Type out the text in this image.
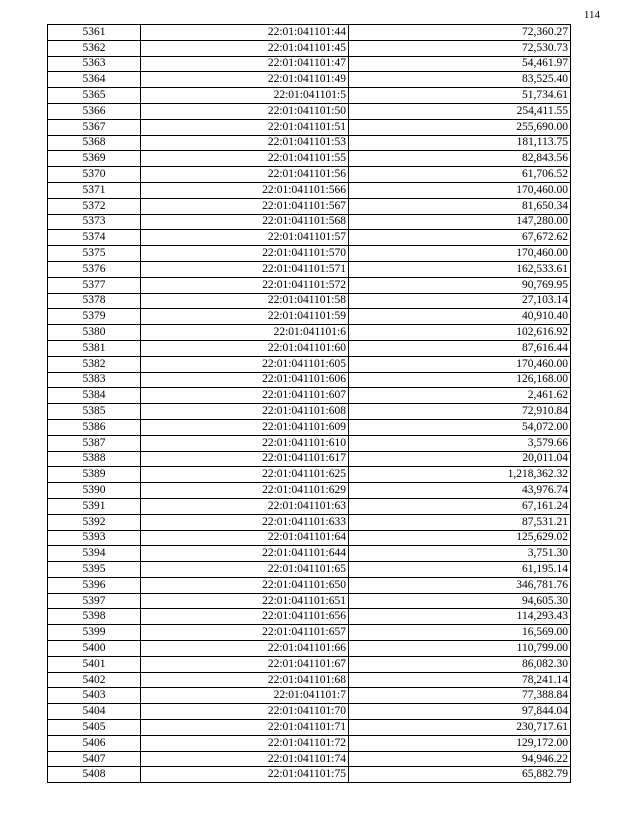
114
5361	22:01:041101:44	72,360.27
5362	22:01:041101:45	72,530.73
5363	22:01:041101:47	54,461.97
5364	22:01:041101:49	83,525.40
5365	22:01:041101:5	51,734.61
5366	22:01:041101:50	254,411.55
5367	22:01:041101:51	255,690.00
5368	22:01:041101:53	181,113.75
5369	22:01:041101:55	82,843.56
5370	22:01:041101:56	61,706.52
5371	22:01:041101:566	170,460.00
5372	22:01:041101:567	81,650.34
5373	22:01:041101:568	147,280.00
5374	22:01:041101:57	67,672.62
5375	22:01:041101:570	170,460.00
5376	22:01:041101:571	162,533.61
5377	22:01:041101:572	90,769.95
5378	22:01:041101:58	27,103.14
5379	22:01:041101:59	40,910.40
5380	22:01:041101:6	102,616.92
5381	22:01:041101:60	87,616.44
5382	22:01:041101:605	170,460.00
5383	22:01:041101:606	126,168.00
5384	22:01:041101:607	2,461.62
5385	22:01:041101:608	72,910.84
5386	22:01:041101:609	54,072.00
5387	22:01:041101:610	3,579.66
5388	22:01:041101:617	20,011.04
5389	22:01:041101:625	1,218,362.32
5390	22:01:041101:629	43,976.74
5391	22:01:041101:63	67,161.24
5392	22:01:041101:633	87,531.21
5393	22:01:041101:64	125,629.02
5394	22:01:041101:644	3,751.30
5395	22:01:041101:65	61,195.14
5396	22:01:041101:650	346,781.76
5397	22:01:041101:651	94,605.30
5398	22:01:041101:656	114,293.43
5399	22:01:041101:657	16,569.00
5400	22:01:041101:66	110,799.00
5401	22:01:041101:67	86,082.30
5402	22:01:041101:68	78,241.14
5403	22:01:041101:7	77,388.84
5404	22:01:041101:70	97,844.04
5405	22:01:041101:71	230,717.61
5406	22:01:041101:72	129,172.00
5407	22:01:041101:74	94,946.22
5408	22:01:041101:75	65,882.79
